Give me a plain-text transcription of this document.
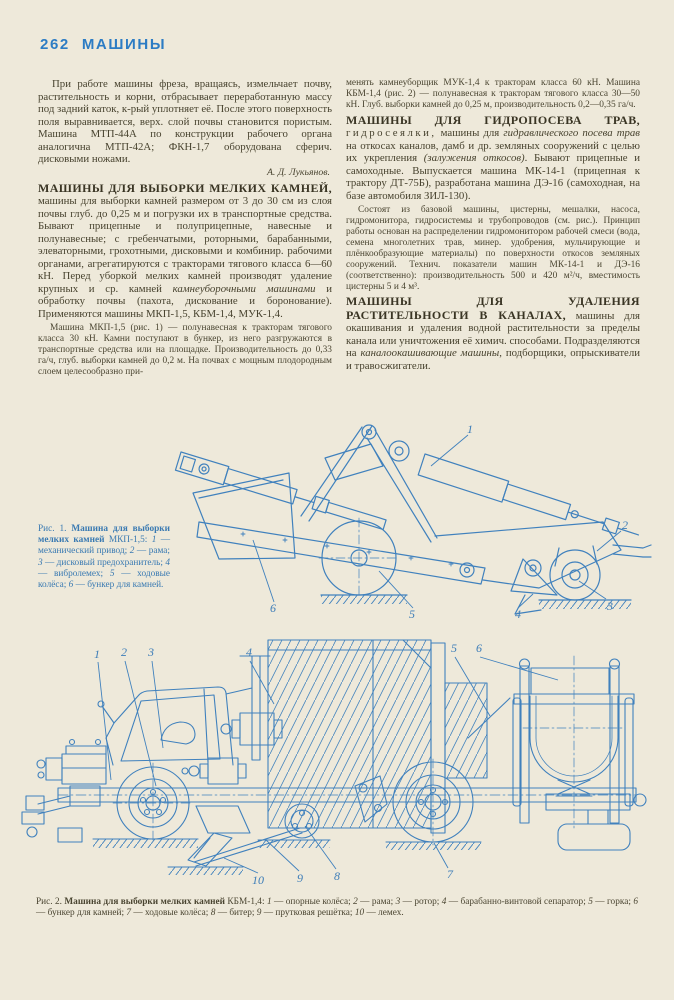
262 МАШИНЫ

При работе машины фреза, вращаясь, измельчает почву, растительность и корни, отбрасывает переработанную массу под задний каток, к-рый уплотняет её. После этого поверхность поля выравнивается, верх. слой почвы становится пористым. Машина МТП-44А по конструкции рабочего органа аналогична МТП-42А; ФКН-1,7 оборудована сферич. дисковыми ножами.

А. Д. Лукьянов.

МАШИНЫ ДЛЯ ВЫБОРКИ МЕЛКИХ КАМНЕЙ, машины для выборки камней размером от 3 до 30 см из слоя почвы глуб. до 0,25 м и погрузки их в транспортные средства. Бывают прицепные и полуприцепные, навесные и полунавесные; с гребенчатыми, роторными, барабанными, элеваторными, грохотными, дисковыми и комбинир. рабочими органами, агрегатируются с тракторами тягового класса 6—60 кН. Перед уборкой мелких камней производят удаление крупных и ср. камней камнеуборочными машинами и обработку почвы (пахота, дискование и боронование). Применяются машины МКП-1,5, КБМ-1,4, МУК-1,4.

Машина МКП-1,5 (рис. 1) — полунавесная к тракторам тягового класса 30 кН. Камни поступают в бункер, из него разгружаются в транспортные средства или на площадке. Производительность до 0,33 га/ч, глуб. выборки камней до 0,2 м. На почвах с мощным плодородным слоем целесообразно при-

менять камнеуборщик МУК-1,4 к тракторам класса 60 кН. Машина КБМ-1,4 (рис. 2) — полунавесная к тракторам тягового класса 30—50 кН. Глуб. выборки камней до 0,25 м, производительность 0,2—0,35 га/ч.

МАШИНЫ ДЛЯ ГИДРОПОСЕВА ТРАВ, гидросеялки, машины для гидравлического посева трав на откосах каналов, дамб и др. земляных сооружений с целью их укрепления (залужения откосов). Бывают прицепные и самоходные. Выпускается машина МК-14-1 (прицепная к трактору ДТ-75Б), разработана машина ДЭ-16 (самоходная, на базе автомобиля ЗИЛ-130).

Состоят из базовой машины, цистерны, мешалки, насоса, гидромонитора, гидросистемы и трубопроводов (см. рис.). Принцип работы основан на распределении гидромонитором рабочей смеси (вода, семена многолетних трав, минер. удобрения, мульчирующие и плёнкообразующие материалы) по поверхности откосов земляных сооружений. Технич. показатели машин МК-14-1 и ДЭ-16 (соответственно): производительность 500 и 420 м²/ч, вместимость цистерны 5 и 4 м³.

МАШИНЫ ДЛЯ УДАЛЕНИЯ РАСТИТЕЛЬНОСТИ В КАНАЛАХ, машины для окашивания и удаления водной растительности за пределы канала или уничтожения её химич. способами. Подразделяются на каналоокашивающие машины, подборщики, опрыскиватели и травосжигатели.

Рис. 1. Машина для выборки мелких камней МКП-1,5: 1 — механический привод; 2 — рама; 3 — дисковый предохранитель; 4 — вибролемех; 5 — ходовые колёса; 6 — бункер для камней.

1
2
3
4
5
6
1 2 3	4	5 6
7
8
9
10

Рис. 2. Машина для выборки мелких камней КБМ-1,4: 1 — опорные колёса; 2 — рама; 3 — ротор; 4 — барабанно-винтовой сепаратор; 5 — горка; 6 — бункер для камней; 7 — ходовые колёса; 8 — битер; 9 — прутковая решётка; 10 — лемех.
